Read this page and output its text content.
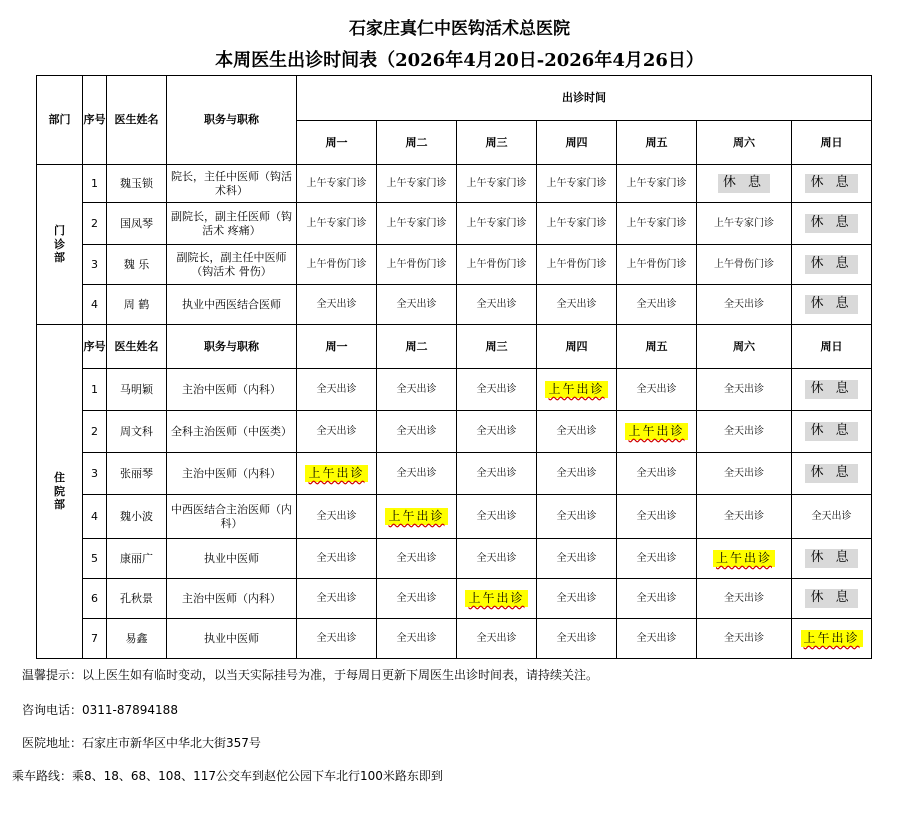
石家庄真仁中医钩活术总医院
本周医生出诊时间表（2026年4月20日-2026年4月26日）
部门	序号	医生姓名	职务与职称	出诊时间						
				周一	周二	周三	周四	周五	周六	周日
门
诊
部	1	魏玉锁	院长，主任中医师（钩活术科）	上午专家门诊	上午专家门诊	上午专家门诊	上午专家门诊	上午专家门诊	休 息	休 息
	2	国凤琴	副院长，副主任医师（钩活术 疼痛）	上午专家门诊	上午专家门诊	上午专家门诊	上午专家门诊	上午专家门诊	上午专家门诊	休 息
	3	魏 乐	副院长，副主任中医师（钩活术 骨伤）	上午骨伤门诊	上午骨伤门诊	上午骨伤门诊	上午骨伤门诊	上午骨伤门诊	上午骨伤门诊	休 息
	4	周 鹤	执业中西医结合医师	全天出诊	全天出诊	全天出诊	全天出诊	全天出诊	全天出诊	休 息
住
院
部	序号	医生姓名	职务与职称	周一	周二	周三	周四	周五	周六	周日
	1	马明颖	主治中医师（内科）	全天出诊	全天出诊	全天出诊	上午出诊	全天出诊	全天出诊	休 息
	2	周文科	全科主治医师（中医类）	全天出诊	全天出诊	全天出诊	全天出诊	上午出诊	全天出诊	休 息
	3	张丽琴	主治中医师（内科）	上午出诊	全天出诊	全天出诊	全天出诊	全天出诊	全天出诊	休 息
	4	魏小波	中西医结合主治医师（内科）	全天出诊	上午出诊	全天出诊	全天出诊	全天出诊	全天出诊	全天出诊
	5	康丽广	执业中医师	全天出诊	全天出诊	全天出诊	全天出诊	全天出诊	上午出诊	休 息
	6	孔秋景	主治中医师（内科）	全天出诊	全天出诊	上午出诊	全天出诊	全天出诊	全天出诊	休 息
	7	易鑫	执业中医师	全天出诊	全天出诊	全天出诊	全天出诊	全天出诊	全天出诊	上午出诊
温馨提示：以上医生如有临时变动，以当天实际挂号为准，于每周日更新下周医生出诊时间表，请持续关注。
咨询电话：0311-87894188
医院地址：石家庄市新华区中华北大街357号
乘车路线：乘8、18、68、108、117公交车到赵佗公园下车北行100米路东即到
